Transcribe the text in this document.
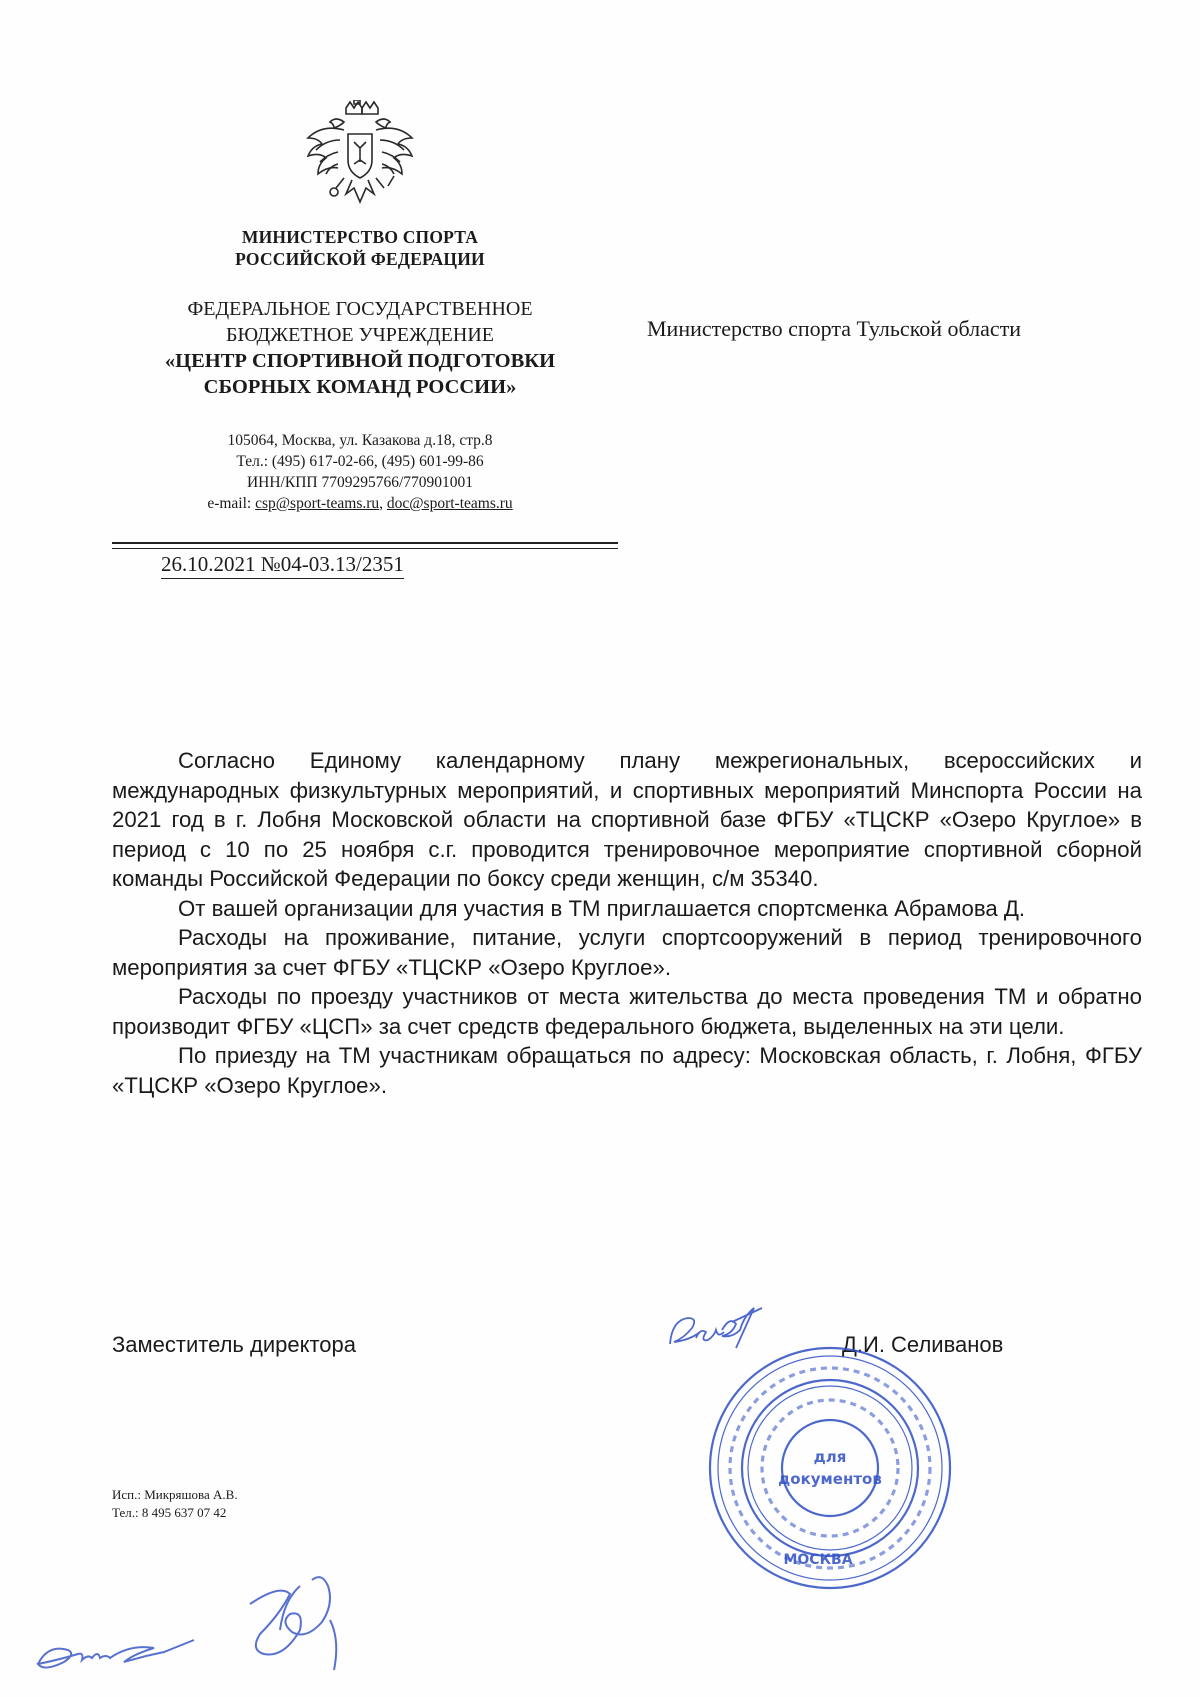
МИНИСТЕРСТВО СПОРТА
РОССИЙСКОЙ ФЕДЕРАЦИИ
ФЕДЕРАЛЬНОЕ ГОСУДАРСТВЕННОЕ
БЮДЖЕТНОЕ УЧРЕЖДЕНИЕ
«ЦЕНТР СПОРТИВНОЙ ПОДГОТОВКИ
СБОРНЫХ КОМАНД РОССИИ»
105064, Москва, ул. Казакова д.18, стр.8
Тел.: (495) 617-02-66, (495) 601-99-86
ИНН/КПП 7709295766/770901001
e-mail: csp@sport-teams.ru, doc@sport-teams.ru
26.10.2021 №04-03.13/2351
Министерство спорта Тульской области

Согласно Единому календарному плану межрегиональных, всероссийских и международных физкультурных мероприятий, и спортивных мероприятий Минспорта России на 2021 год в г. Лобня Московской области на спортивной базе ФГБУ «ТЦСКР «Озеро Круглое» в период с 10 по 25 ноября с.г. проводится тренировочное мероприятие спортивной сборной команды Российской Федерации по боксу среди женщин, с/м 35340.

От вашей организации для участия в ТМ приглашается спортсменка Абрамова Д.

Расходы на проживание, питание, услуги спортсооружений в период тренировочного мероприятия за счет ФГБУ «ТЦСКР «Озеро Круглое».

Расходы по проезду участников от места жительства до места проведения ТМ и обратно производит ФГБУ «ЦСП» за счет средств федерального бюджета, выделенных на эти цели.

По приезду на ТМ участникам обращаться по адресу: Московская область, г. Лобня, ФГБУ «ТЦСКР «Озеро Круглое».

Заместитель директора	Д.И. Селиванов
для
документов
МОСКВА
Исп.: Микряшова А.В.
Тел.: 8 495 637 07 42
